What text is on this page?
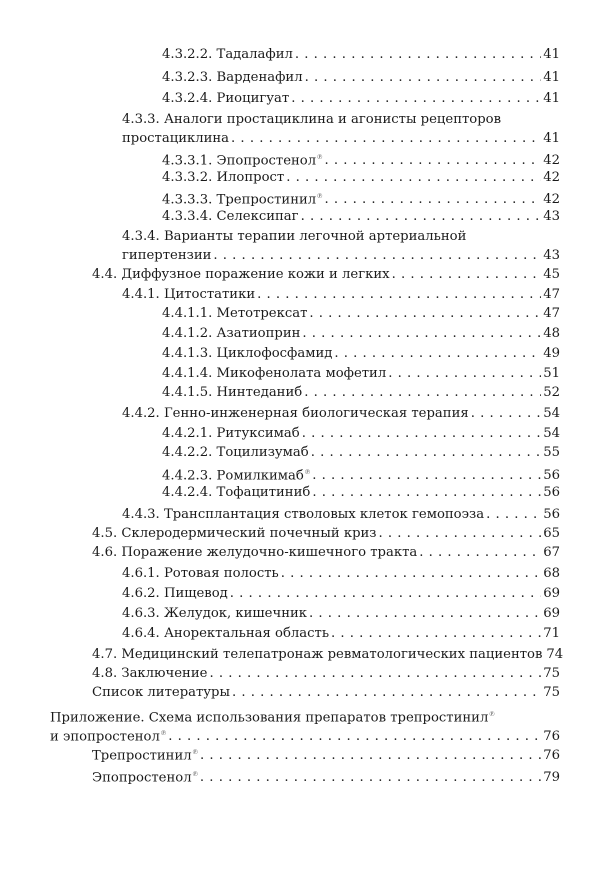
4.3.2.2. Тадалафил . . .	41
4.3.2.3. Варденафил . . .	41
4.3.2.4. Риоцигуат . . .	41
4.3.3. Аналоги простациклина и агонисты рецепторов
простациклина . . .	41
4.3.3.1. Эпопростенол℗ . . .	42
4.3.3.2. Илопрост . . .	42
4.3.3.3. Трепростинил℗ . . .	42
4.3.3.4. Селексипаг . . .	43
4.3.4. Варианты терапии легочной артериальной
гипертензии . . .	43
4.4. Диффузное поражение кожи и легких . . .	45
4.4.1. Цитостатики . . .	47
4.4.1.1. Метотрексат . . .	47
4.4.1.2. Азатиоприн . . .	48
4.4.1.3. Циклофосфамид . . .	49
4.4.1.4. Микофенолата мофетил . . .	51
4.4.1.5. Нинтеданиб . . .	52
4.4.2. Генно-инженерная биологическая терапия . . .	54
4.4.2.1. Ритуксимаб . . .	54
4.4.2.2. Тоцилизумаб . . .	55
4.4.2.3. Ромилкимаб℗ . . .	56
4.4.2.4. Тофацитиниб . . .	56
4.4.3. Трансплантация стволовых клеток гемопоэза . . .	56
4.5. Склеродермический почечный криз . . .	65
4.6. Поражение желудочно-кишечного тракта . . .	67
4.6.1. Ротовая полость . . .	68
4.6.2. Пищевод . . .	69
4.6.3. Желудок, кишечник . . .	69
4.6.4. Аноректальная область . . .	71
4.7. Медицинский телепатронаж ревматологических пациентов 74
4.8. Заключение . . .	75
Список литературы . . .	75
Приложение. Схема использования препаратов трепростинил℗
и эпопростенол℗ . . .	76
Трепростинил℗ . . .	76
Эпопростенол℗ . . .	79
